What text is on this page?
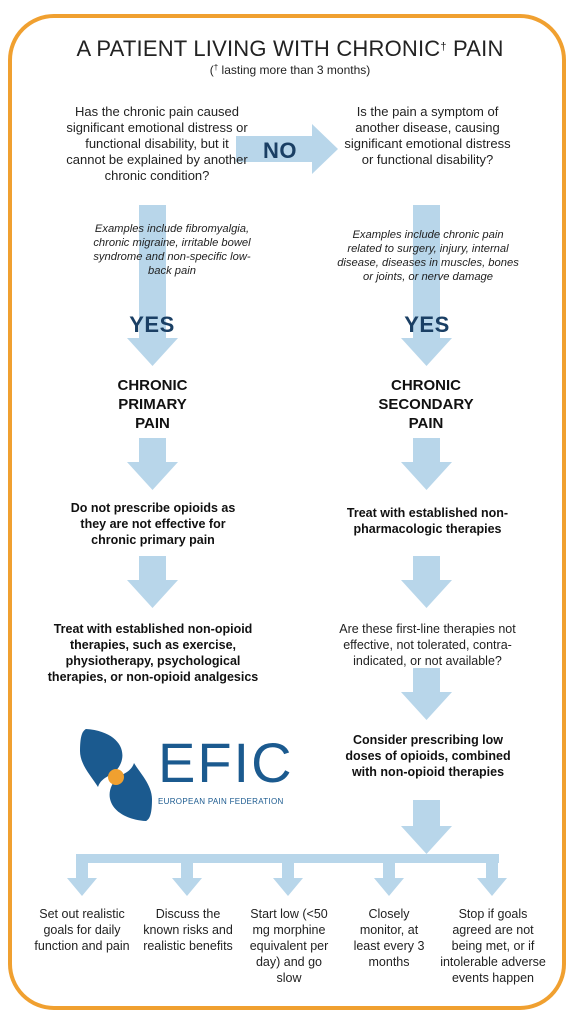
A PATIENT LIVING WITH CHRONIC† PAIN
(† lasting more than 3 months)

Has the chronic pain caused significant emotional distress or functional disability, but it cannot be explained by another chronic condition?

Examples include fibromyalgia, chronic migraine, irritable bowel syndrome and non-specific low-back pain

YES

CHRONIC
PRIMARY
PAIN

Do not prescribe opioids as they are not effective for chronic primary pain

Treat with established non-opioid therapies, such as exercise, physiotherapy, psychological therapies, or non-opioid analgesics

NO

Is the pain a symptom of another disease, causing significant emotional distress or functional disability?

Examples include chronic pain related to surgery, injury, internal disease, diseases in muscles, bones or joints, or nerve damage

YES

CHRONIC
SECONDARY
PAIN

Treat with established non-pharmacologic therapies

Are these first-line therapies not effective, not tolerated, contra-indicated, or not available?

Consider prescribing low doses of opioids, combined with non-opioid therapies

EFIC

EUROPEAN PAIN FEDERATION

Set out realistic goals for daily function and pain

Discuss the known risks and realistic benefits

Start low (<50 mg morphine equivalent per day) and go slow

Closely monitor, at least every 3 months

Stop if goals agreed are not being met, or if intolerable adverse events happen
